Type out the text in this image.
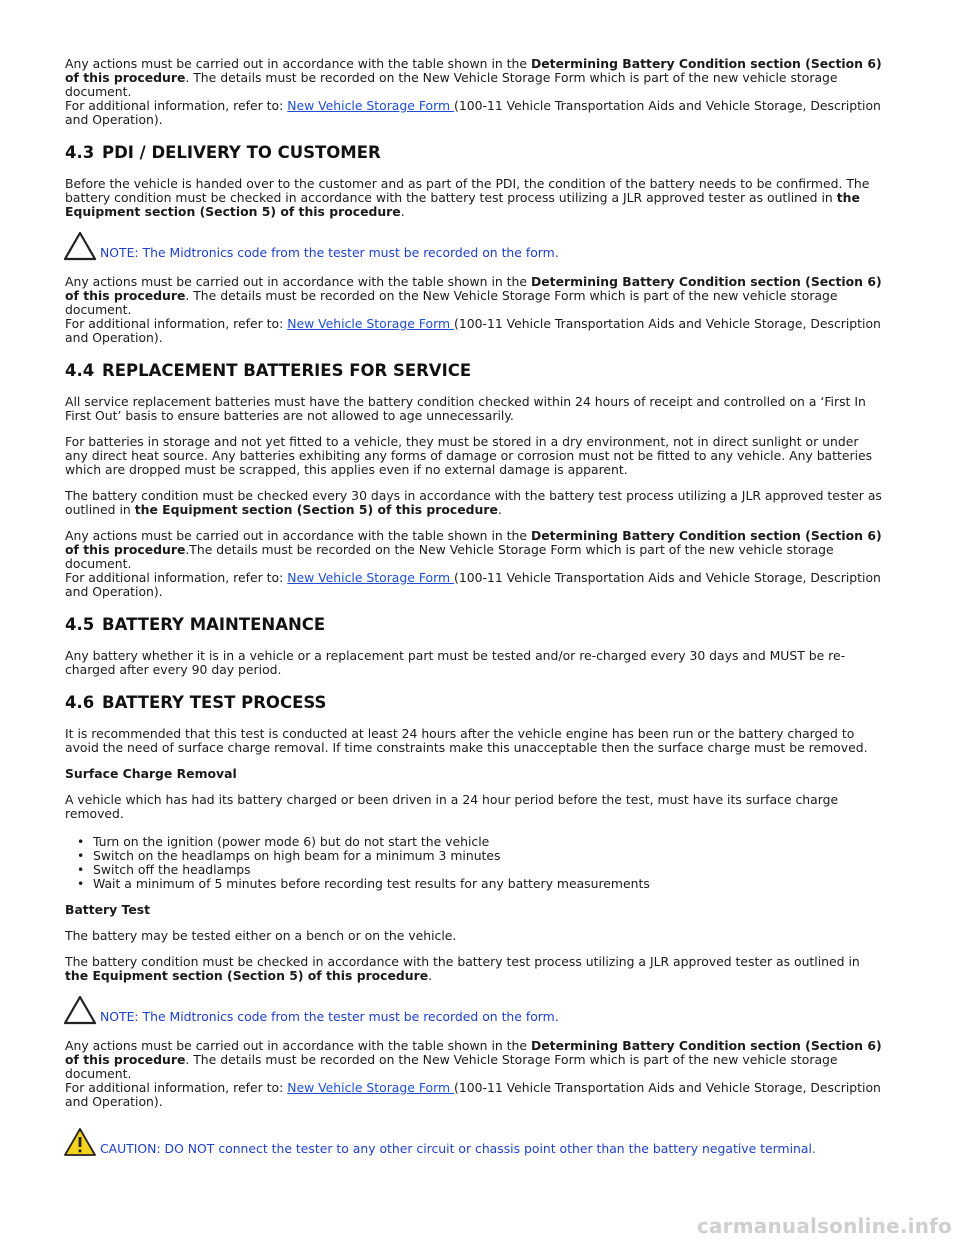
Any actions must be carried out in accordance with the table shown in the Determining Battery Condition section (Section 6) of this procedure. The details must be recorded on the New Vehicle Storage Form which is part of the new vehicle storage document.

For additional information, refer to: New Vehicle Storage Form (100-11 Vehicle Transportation Aids and Vehicle Storage, Description and Operation).

4.3 PDI / DELIVERY TO CUSTOMER

Before the vehicle is handed over to the customer and as part of the PDI, the condition of the battery needs to be confirmed. The battery condition must be checked in accordance with the battery test process utilizing a JLR approved tester as outlined in the Equipment section (Section 5) of this procedure.

NOTE: The Midtronics code from the tester must be recorded on the form.

Any actions must be carried out in accordance with the table shown in the Determining Battery Condition section (Section 6) of this procedure. The details must be recorded on the New Vehicle Storage Form which is part of the new vehicle storage document.

For additional information, refer to: New Vehicle Storage Form (100-11 Vehicle Transportation Aids and Vehicle Storage, Description and Operation).

4.4 REPLACEMENT BATTERIES FOR SERVICE

All service replacement batteries must have the battery condition checked within 24 hours of receipt and controlled on a ‘First In First Out’ basis to ensure batteries are not allowed to age unnecessarily.

For batteries in storage and not yet fitted to a vehicle, they must be stored in a dry environment, not in direct sunlight or under any direct heat source. Any batteries exhibiting any forms of damage or corrosion must not be fitted to any vehicle. Any batteries which are dropped must be scrapped, this applies even if no external damage is apparent.

The battery condition must be checked every 30 days in accordance with the battery test process utilizing a JLR approved tester as outlined in the Equipment section (Section 5) of this procedure.

Any actions must be carried out in accordance with the table shown in the Determining Battery Condition section (Section 6) of this procedure.The details must be recorded on the New Vehicle Storage Form which is part of the new vehicle storage document.

For additional information, refer to: New Vehicle Storage Form (100-11 Vehicle Transportation Aids and Vehicle Storage, Description and Operation).

4.5 BATTERY MAINTENANCE

Any battery whether it is in a vehicle or a replacement part must be tested and/or re-charged every 30 days and MUST be re-charged after every 90 day period.

4.6 BATTERY TEST PROCESS

It is recommended that this test is conducted at least 24 hours after the vehicle engine has been run or the battery charged to avoid the need of surface charge removal. If time constraints make this unacceptable then the surface charge must be removed.

Surface Charge Removal

A vehicle which has had its battery charged or been driven in a 24 hour period before the test, must have its surface charge removed.

• Turn on the ignition (power mode 6) but do not start the vehicle
• Switch on the headlamps on high beam for a minimum 3 minutes
• Switch off the headlamps
• Wait a minimum of 5 minutes before recording test results for any battery measurements

Battery Test

The battery may be tested either on a bench or on the vehicle.

The battery condition must be checked in accordance with the battery test process utilizing a JLR approved tester as outlined in the Equipment section (Section 5) of this procedure.

NOTE: The Midtronics code from the tester must be recorded on the form.

Any actions must be carried out in accordance with the table shown in the Determining Battery Condition section (Section 6) of this procedure. The details must be recorded on the New Vehicle Storage Form which is part of the new vehicle storage document.

For additional information, refer to: New Vehicle Storage Form (100-11 Vehicle Transportation Aids and Vehicle Storage, Description and Operation).

CAUTION: DO NOT connect the tester to any other circuit or chassis point other than the battery negative terminal.
carmanualsonline.info
